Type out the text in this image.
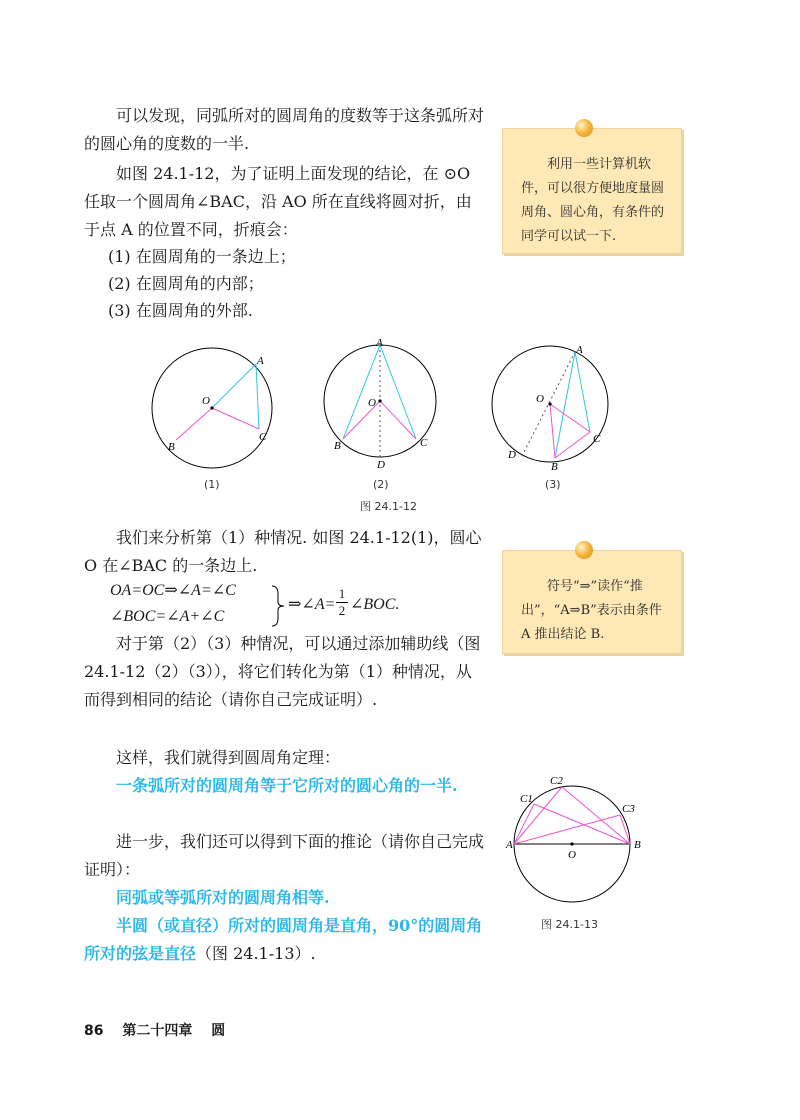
可以发现，同弧所对的圆周角的度数等于这条弧所对的圆心角的度数的一半.

如图 24.1-12，为了证明上面发现的结论，在 ⊙O 任取一个圆周角∠BAC，沿 AO 所在直线将圆对折，由于点 A 的位置不同，折痕会：

(1) 在圆周角的一条边上；
(2) 在圆周角的内部；
(3) 在圆周角的外部.
利用一些计算机软件，可以很方便地度量圆周角、圆心角，有条件的同学可以试一下.
A
O
B
C
A
O
B	C
D
A
O
D
B
C
(1)	(2)	(3)
图 24.1-12

我们来分析第（1）种情况. 如图 24.1-12(1)，圆心 O 在∠BAC 的一条边上.

OA=OC⇒∠A=∠C
∠BOC=∠A+∠C
⇒∠A= $\frac{1}{2}$ ∠BOC.
符号“⇒”读作“推出”，“A⇒B”表示由条件 A 推出结论 B.

对于第（2）（3）种情况，可以通过添加辅助线（图 24.1-12（2）（3）），将它们转化为第（1）种情况，从而得到相同的结论（请你自己完成证明）.

这样，我们就得到圆周角定理：

一条弧所对的圆周角等于它所对的圆心角的一半.

进一步，我们还可以得到下面的推论（请你自己完成证明）：

同弧或等弧所对的圆周角相等.

半圆（或直径）所对的圆周角是直角，90°的圆周角所对的弦是直径（图 24.1-13）.

A	B
O
C1
C2
C3
图 24.1-13
86 第二十四章 圆
